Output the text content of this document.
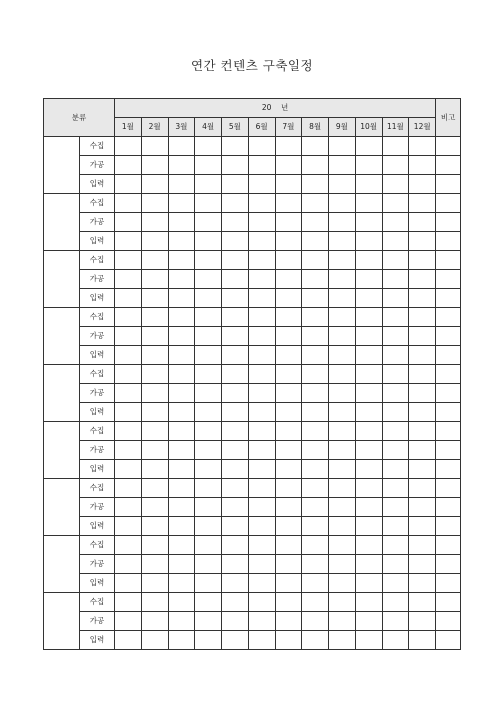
연간 컨텐츠 구축일정
분류		20    년												비고
		1월	2월	3월	4월	5월	6월	7월	8월	9월	10월	11월	12월	
	수집													
	가공													
	입력													
	수집													
	가공													
	입력													
	수집													
	가공													
	입력													
	수집													
	가공													
	입력													
	수집													
	가공													
	입력													
	수집													
	가공													
	입력													
	수집													
	가공													
	입력													
	수집													
	가공													
	입력													
	수집													
	가공													
	입력													
